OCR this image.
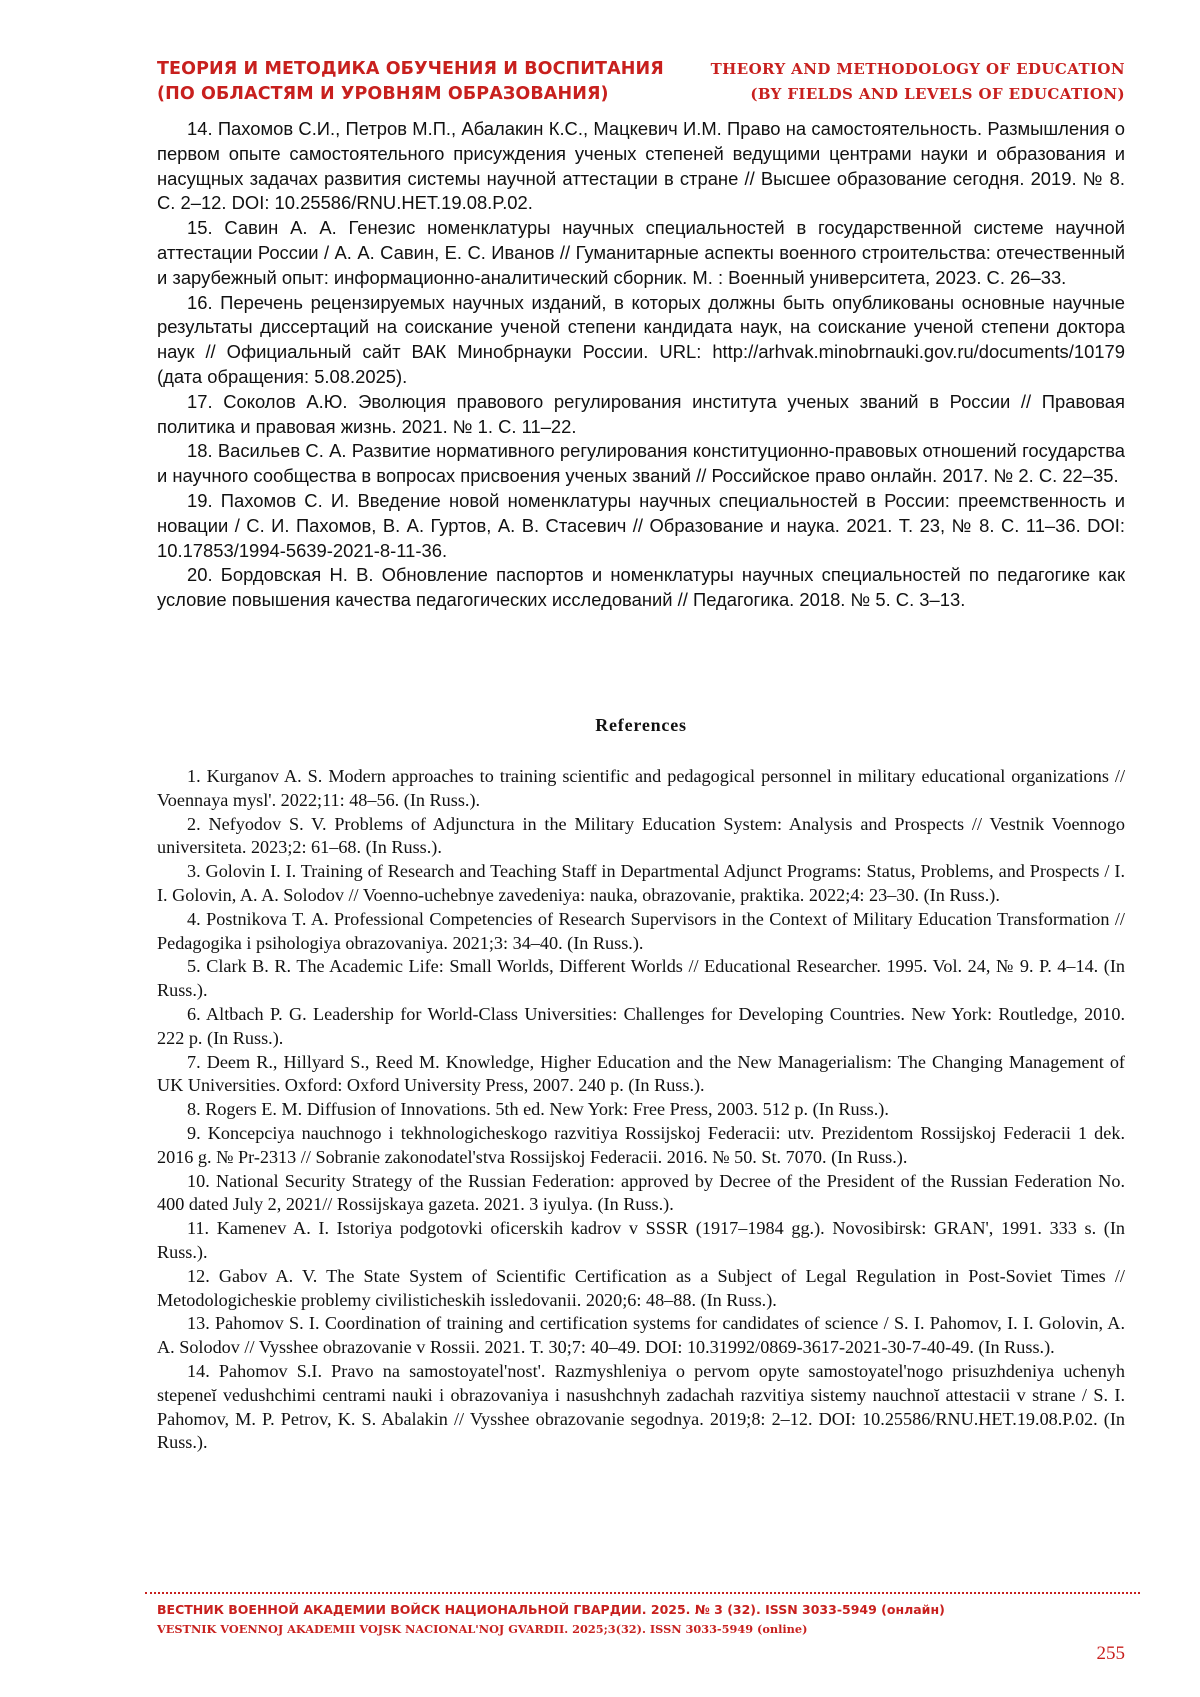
ТЕОРИЯ И МЕТОДИКА ОБУЧЕНИЯ И ВОСПИТАНИЯ
(ПО ОБЛАСТЯМ И УРОВНЯМ ОБРАЗОВАНИЯ)
THEORY AND METHODOLOGY OF EDUCATION
(BY FIELDS AND LEVELS OF EDUCATION)

14. Пахомов С.И., Петров М.П., Абалакин К.С., Мацкевич И.М. Право на самостоятельность. Размышления о первом опыте самостоятельного присуждения ученых степеней ведущими центрами науки и образования и насущных задачах развития системы научной аттестации в стране // Высшее образование сегодня. 2019. № 8. С. 2–12. DOI: 10.25586/RNU.HET.19.08.P.02.

15. Савин А. А. Генезис номенклатуры научных специальностей в государственной системе научной аттестации России / А. А. Савин, Е. С. Иванов // Гуманитарные аспекты военного строительства: отечественный и зарубежный опыт: информационно-аналитический сборник. М. : Военный университета, 2023. С. 26–33.

16. Перечень рецензируемых научных изданий, в которых должны быть опубликованы основные научные результаты диссертаций на соискание ученой степени кандидата наук, на соискание ученой степени доктора наук // Официальный сайт ВАК Минобрнауки России. URL: http://arhvak.minobrnauki.gov.ru/documents/10179 (дата обращения: 5.08.2025).

17. Соколов А.Ю. Эволюция правового регулирования института ученых званий в России // Правовая политика и правовая жизнь. 2021. № 1. С. 11–22.

18. Васильев С. А. Развитие нормативного регулирования конституционно-правовых отношений государства и научного сообщества в вопросах присвоения ученых званий // Российское право онлайн. 2017. № 2. С. 22–35.

19. Пахомов С. И. Введение новой номенклатуры научных специальностей в России: преемственность и новации / С. И. Пахомов, В. А. Гуртов, А. В. Стасевич // Образование и наука. 2021. Т. 23, № 8. С. 11–36. DOI: 10.17853/1994-5639-2021-8-11-36.

20. Бордовская Н. В. Обновление паспортов и номенклатуры научных специальностей по педагогике как условие повышения качества педагогических исследований // Педагогика. 2018. № 5. С. 3–13.

References

1. Kurganov A. S. Modern approaches to training scientific and pedagogical personnel in military educational organizations // Voennaya mysl'. 2022;11: 48–56. (In Russ.).

2. Nefyodov S. V. Problems of Adjunctura in the Military Education System: Analysis and Prospects // Vestnik Voennogo universiteta. 2023;2: 61–68. (In Russ.).

3. Golovin I. I. Training of Research and Teaching Staff in Departmental Adjunct Programs: Status, Problems, and Prospects / I. I. Golovin, A. A. Solodov // Voenno-uchebnye zavedeniya: nauka, obrazovanie, praktika. 2022;4: 23–30. (In Russ.).

4. Postnikova T. A. Professional Competencies of Research Supervisors in the Context of Military Education Transformation // Pedagogika i psihologiya obrazovaniya. 2021;3: 34–40. (In Russ.).

5. Clark B. R. The Academic Life: Small Worlds, Different Worlds // Educational Researcher. 1995. Vol. 24, № 9. P. 4–14. (In Russ.).

6. Altbach P. G. Leadership for World-Class Universities: Challenges for Developing Countries. New York: Routledge, 2010. 222 p. (In Russ.).

7. Deem R., Hillyard S., Reed M. Knowledge, Higher Education and the New Managerialism: The Changing Management of UK Universities. Oxford: Oxford University Press, 2007. 240 p. (In Russ.).

8. Rogers E. M. Diffusion of Innovations. 5th ed. New York: Free Press, 2003. 512 p. (In Russ.).

9. Koncepciya nauchnogo i tekhnologicheskogo razvitiya Rossijskoj Federacii: utv. Prezidentom Rossijskoj Federacii 1 dek. 2016 g. № Pr-2313 // Sobranie zakonodatel'stva Rossijskoj Federacii. 2016. № 50. St. 7070. (In Russ.).

10. National Security Strategy of the Russian Federation: approved by Decree of the President of the Russian Federation No. 400 dated July 2, 2021// Rossijskaya gazeta. 2021. 3 iyulya. (In Russ.).

11. Kamenev A. I. Istoriya podgotovki oficerskih kadrov v SSSR (1917–1984 gg.). Novosibirsk: GRAN', 1991. 333 s. (In Russ.).

12. Gabov A. V. The State System of Scientific Certification as a Subject of Legal Regulation in Post-Soviet Times // Metodologicheskie problemy civilisticheskih issledovanii. 2020;6: 48–88. (In Russ.).

13. Pahomov S. I. Coordination of training and certification systems for candidates of science / S. I. Pahomov, I. I. Golovin, A. A. Solodov // Vysshee obrazovanie v Rossii. 2021. T. 30;7: 40–49. DOI: 10.31992/0869-3617-2021-30-7-40-49. (In Russ.).

14. Pahomov S.I. Pravo na samostoyatel'nost'. Razmyshleniya o pervom opyte samostoyatel'nogo prisuzhdeniya uchenyh stepeneĭ vedushchimi centrami nauki i obrazovaniya i nasushchnyh zadachah razvitiya sistemy nauchnoĭ attestacii v strane / S. I. Pahomov, M. P. Petrov, K. S. Abalakin // Vysshee obrazovanie segodnya. 2019;8: 2–12. DOI: 10.25586/RNU.HET.19.08.P.02. (In Russ.).

ВЕСТНИК ВОЕННОЙ АКАДЕМИИ ВОЙСК НАЦИОНАЛЬНОЙ ГВАРДИИ. 2025. № 3 (32). ISSN 3033-5949 (онлайн)
VESTNIK VOENNOJ AKADEMII VOJSK NACIONAL'NOJ GVARDII. 2025;3(32). ISSN 3033-5949 (online)
255
